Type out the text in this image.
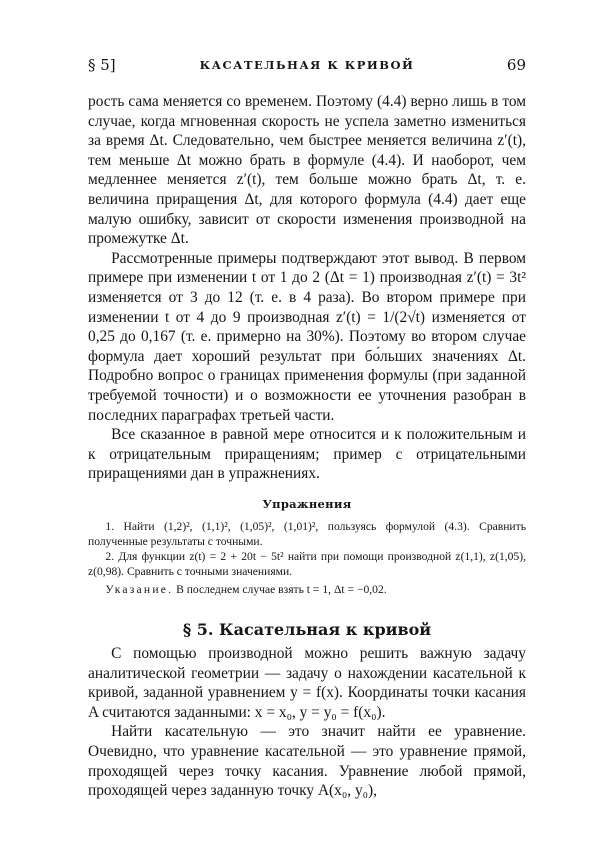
§ 5]	КАСАТЕЛЬНАЯ К КРИВОЙ	69

рость сама меняется со временем. Поэтому (4.4) верно лишь в том случае, когда мгновенная скорость не успела заметно измениться за время Δt. Следовательно, чем быстрее меняется величина z′(t), тем меньше Δt можно брать в формуле (4.4). И наоборот, чем медленнее меняется z′(t), тем больше можно брать Δt, т. е. величина приращения Δt, для которого формула (4.4) дает еще малую ошибку, зависит от скорости изменения производной на промежутке Δt.

Рассмотренные примеры подтверждают этот вывод. В первом примере при изменении t от 1 до 2 (Δt = 1) производная z′(t) = 3t² изменяется от 3 до 12 (т. е. в 4 раза). Во втором примере при изменении t от 4 до 9 производная z′(t) = 1/(2√t) изменяется от 0,25 до 0,167 (т. е. примерно на 30%). Поэтому во втором случае формула дает хороший результат при бо́льших значениях Δt. Подробно вопрос о границах применения формулы (при заданной требуемой точности) и о возможности ее уточнения разобран в последних параграфах третьей части.

Все сказанное в равной мере относится и к положительным и к отрицательным приращениям; пример с отрицательными приращениями дан в упражнениях.

Упражнения
1. Найти (1,2)², (1,1)², (1,05)², (1,01)², пользуясь формулой (4.3). Сравнить полученные результаты с точными.
2. Для функции z(t) = 2 + 20t − 5t² найти при помощи производной z(1,1), z(1,05), z(0,98). Сравнить с точными значениями.
Указание. В последнем случае взять t = 1, Δt = −0,02.
§ 5. Касательная к кривой

С помощью производной можно решить важную задачу аналитической геометрии — задачу о нахождении касательной к кривой, заданной уравнением y = f(x). Координаты точки касания A считаются заданными: x = x₀, y = y₀ = f(x₀).

Найти касательную — это значит найти ее уравнение. Очевидно, что уравнение касательной — это уравнение прямой, проходящей через точку касания. Уравнение любой прямой, проходящей через заданную точку A(x₀, y₀),
